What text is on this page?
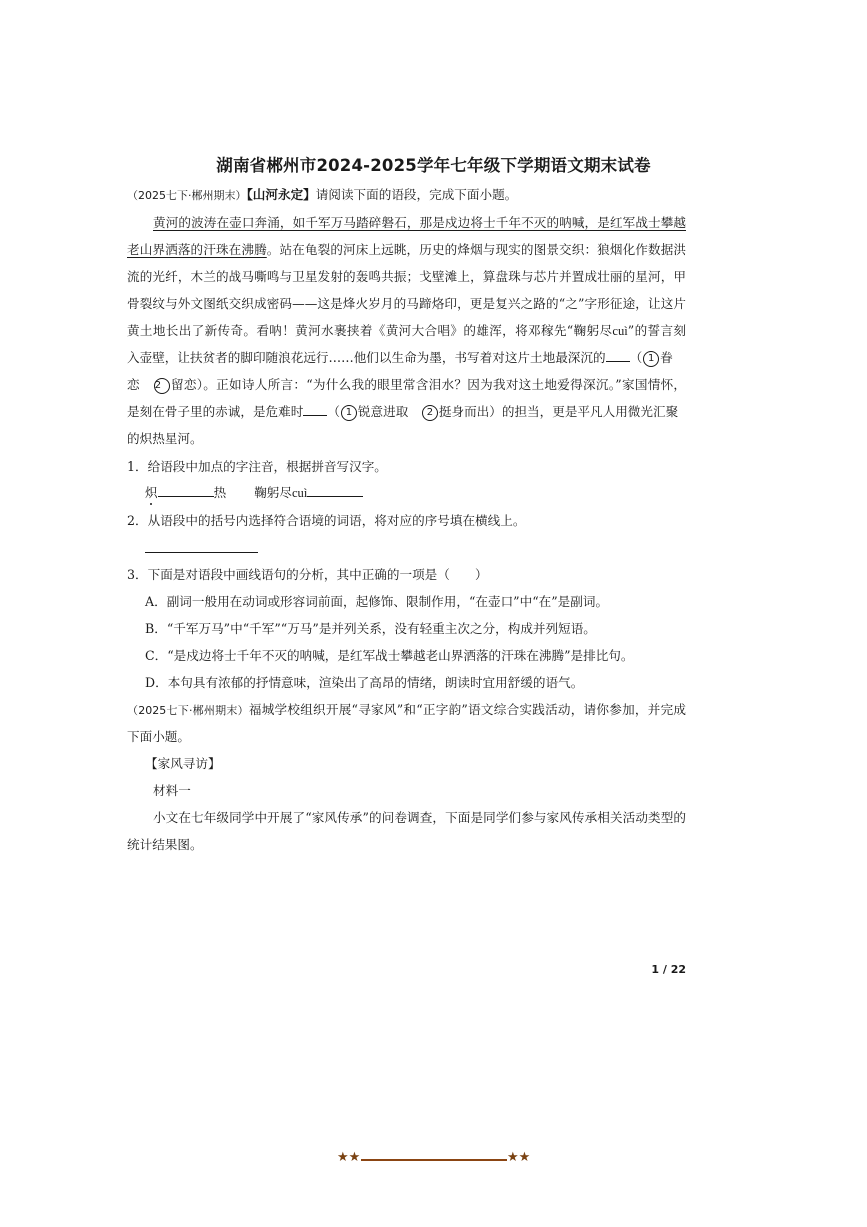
湖南省郴州市2024-2025学年七年级下学期语文期末试卷
（2025七下·郴州期末）【山河永定】请阅读下面的语段，完成下面小题。
黄河的波涛在壶口奔涌，如千军万马踏碎磐石，那是戍边将士千年不灭的呐喊，是红军战士攀越
老山界洒落的汗珠在沸腾。站在龟裂的河床上远眺，历史的烽烟与现实的图景交织：狼烟化作数据洪
流的光纤，木兰的战马嘶鸣与卫星发射的轰鸣共振；戈壁滩上，算盘珠与芯片并置成壮丽的星河，甲
骨裂纹与外文图纸交织成密码——这是烽火岁月的马蹄烙印，更是复兴之路的“之”字形征途，让这片
黄土地长出了新传奇。看呐！黄河水裹挟着《黄河大合唱》的雄浑，将邓稼先“鞠躬尽cuì”的誓言刻
入壶壁，让扶贫者的脚印随浪花远行……他们以生命为墨，书写着对这片土地最深沉的 （ 1 眷
恋　 2 留恋）。正如诗人所言：“为什么我的眼里常含泪水？因为我对这土地爱得深沉。”家国情怀，
是刻在骨子里的赤诚，是危难时 （ 1 锐意进取　 2 挺身而出）的担当，更是平凡人用微光汇聚
的炽热星河。
1．给语段中加点的字注音，根据拼音写汉字。
炽	热 鞠躬尽cuì
2．从语段中的括号内选择符合语境的词语，将对应的序号填在横线上。
3．下面是对语段中画线语句的分析，其中正确的一项是（　　）
A．副词一般用在动词或形容词前面，起修饰、限制作用，“在壶口”中“在”是副词。
B．“千军万马”中“千军”“万马”是并列关系，没有轻重主次之分，构成并列短语。
C．“是戍边将士千年不灭的呐喊，是红军战士攀越老山界洒落的汗珠在沸腾”是排比句。
D．本句具有浓郁的抒情意味，渲染出了高昂的情绪，朗读时宜用舒缓的语气。
（2025七下·郴州期末）福城学校组织开展“寻家风”和“正字韵”语文综合实践活动，请你参加，并完成
下面小题。
【家风寻访】
材料一
小文在七年级同学中开展了“家风传承”的问卷调查，下面是同学们参与家风传承相关活动类型的
统计结果图。
1 / 22
★★	★★
